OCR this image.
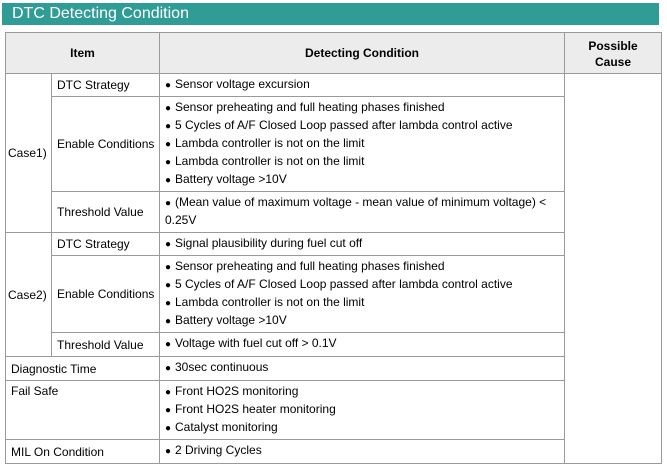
DTC Detecting Condition
Item		Detecting Condition	Possible Cause
Case1)	DTC Strategy	● Sensor voltage excursion	

	Enable Conditions	● Sensor preheating and full heating phases finished
● 5 Cycles of A/F Closed Loop passed after lambda control active
● Lambda controller is not on the limit
● Lambda controller is not on the limit
● Battery voltage >10V	

	Threshold Value	● (Mean value of maximum voltage - mean value of minimum voltage) < 0.25V	

Case2)	DTC Strategy	● Signal plausibility during fuel cut off	

	Enable Conditions	● Sensor preheating and full heating phases finished
● 5 Cycles of A/F Closed Loop passed after lambda control active
● Lambda controller is not on the limit
● Battery voltage >10V	

	Threshold Value	● Voltage with fuel cut off > 0.1V	

Diagnostic Time		● 30sec continuous	

Fail Safe		● Front HO2S monitoring
● Front HO2S heater monitoring
● Catalyst monitoring	

MIL On Condition		● 2 Driving Cycles	
